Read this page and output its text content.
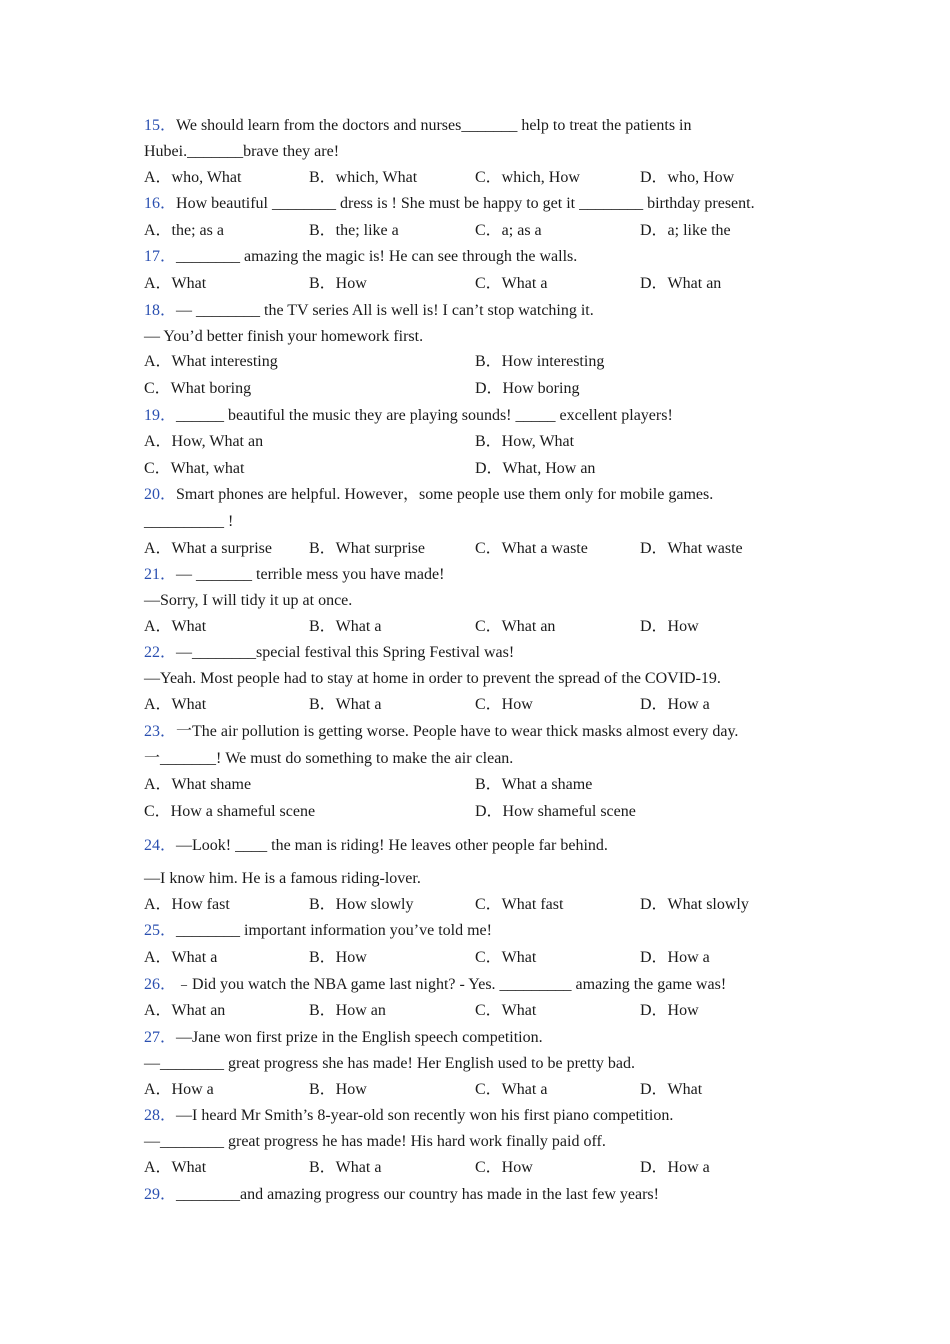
15．We should learn from the doctors and nurses_______ help to treat the patients in
Hubei._______brave they are!
A．who, What	B．which, What	C．which, How	D．who, How
16．How beautiful ________ dress is ! She must be happy to get it ________ birthday present.
A．the; as a	B．the; like a	C．a; as a	D．a; like the
17．________ amazing the magic is! He can see through the walls.
A．What	B．How	C．What a	D．What an
18．— ________ the TV series All is well is! I can’t stop watching it.
— You’d better finish your homework first.
A．What interesting	B．How interesting
C．What boring	D．How boring
19．______ beautiful the music they are playing sounds! _____ excellent players!
A．How, What an	B．How, What
C．What, what	D．What, How an
20．Smart phones are helpful. However，some people use them only for mobile games.
__________ !
A．What a surprise B．What surprise	C．What a waste	D．What waste
21．— _______ terrible mess you have made!
—Sorry, I will tidy it up at once.
A．What	B．What a	C．What an	D．How
22．—________special festival this Spring Festival was!
—Yeah. Most people had to stay at home in order to prevent the spread of the COVID-19.
A．What	B．What a	C．How	D．How a
23．一The air pollution is getting worse. People have to wear thick masks almost every day.
一_______! We must do something to make the air clean.
A．What shame	B．What a shame
C．How a shameful scene	D．How shameful scene
24．—Look! ____ the man is riding! He leaves other people far behind.
—I know him. He is a famous riding-lover.
A．How fast	B．How slowly	C．What fast	D．What slowly
25．________ important information you’ve told me!
A．What a	B．How	C．What	D．How a
26．﹣Did you watch the NBA game last night? - Yes. _________ amazing the game was!
A．What an	B．How an	C．What	D．How
27．—Jane won first prize in the English speech competition.
—________ great progress she has made! Her English used to be pretty bad.
A．How a	B．How	C．What a	D．What
28．—I heard Mr Smith’s 8-year-old son recently won his first piano competition.
—________ great progress he has made! His hard work finally paid off.
A．What	B．What a	C．How	D．How a
29．________and amazing progress our country has made in the last few years!
